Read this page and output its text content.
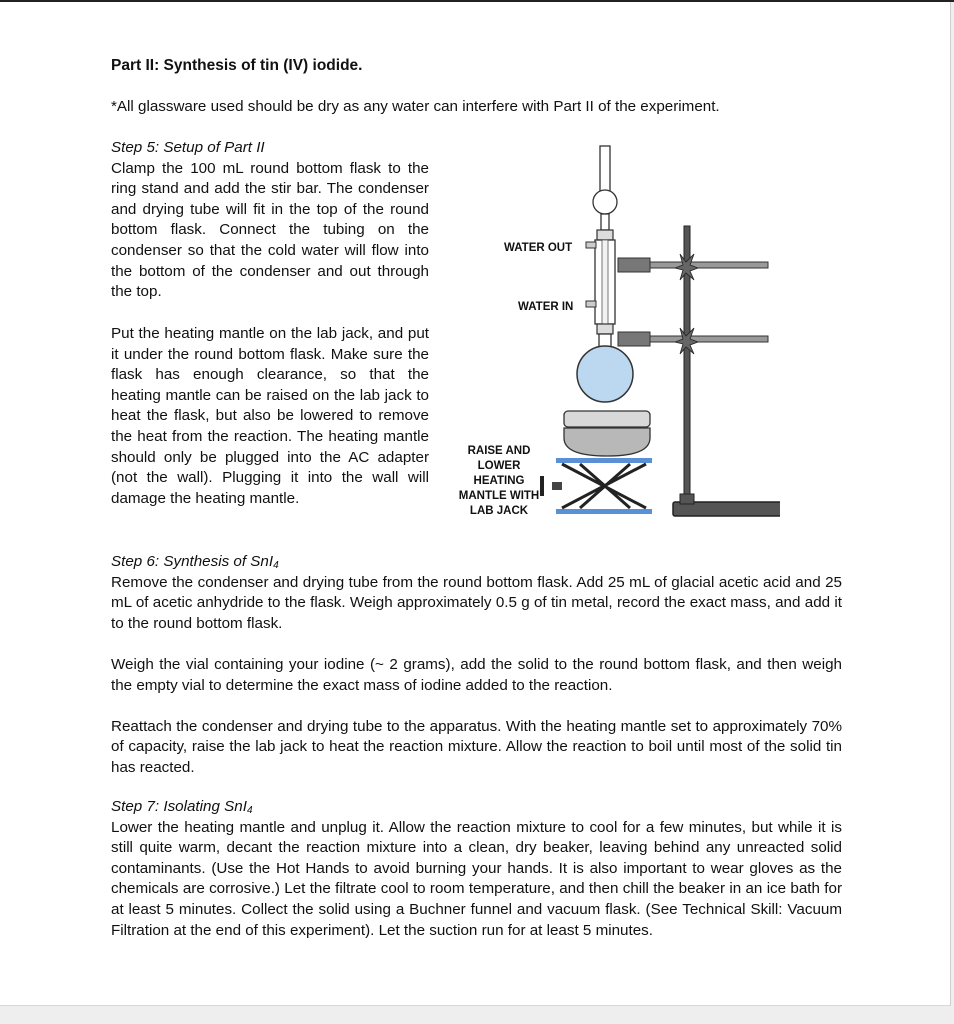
Part II: Synthesis of tin (IV) iodide.
*All glassware used should be dry as any water can interfere with Part II of the experiment.

Step 5: Setup of Part II

Clamp the 100 mL round bottom flask to the ring stand and add the stir bar. The condenser and drying tube will fit in the top of the round bottom flask. Connect the tubing on the condenser so that the cold water will flow into the bottom of the condenser and out through the top.

Put the heating mantle on the lab jack, and put it under the round bottom flask. Make sure the flask has enough clearance, so that the heating mantle can be raised on the lab jack to heat the flask, but also be lowered to remove the heat from the reaction. The heating mantle should only be plugged into the AC adapter (not the wall). Plugging it into the wall will damage the heating mantle.

WATER OUT
WATER IN
RAISE AND
LOWER
HEATING
MANTLE WITH
LAB JACK

Step 6: Synthesis of SnI$_4$

Remove the condenser and drying tube from the round bottom flask. Add 25 mL of glacial acetic acid and 25 mL of acetic anhydride to the flask. Weigh approximately 0.5 g of tin metal, record the exact mass, and add it to the round bottom flask.

Weigh the vial containing your iodine (~ 2 grams), add the solid to the round bottom flask, and then weigh the empty vial to determine the exact mass of iodine added to the reaction.

Reattach the condenser and drying tube to the apparatus. With the heating mantle set to approximately 70% of capacity, raise the lab jack to heat the reaction mixture. Allow the reaction to boil until most of the solid tin has reacted.

Step 7: Isolating SnI$_4$

Lower the heating mantle and unplug it. Allow the reaction mixture to cool for a few minutes, but while it is still quite warm, decant the reaction mixture into a clean, dry beaker, leaving behind any unreacted solid contaminants. (Use the Hot Hands to avoid burning your hands. It is also important to wear gloves as the chemicals are corrosive.) Let the filtrate cool to room temperature, and then chill the beaker in an ice bath for at least 5 minutes. Collect the solid using a Buchner funnel and vacuum flask. (See Technical Skill: Vacuum Filtration at the end of this experiment). Let the suction run for at least 5 minutes.
